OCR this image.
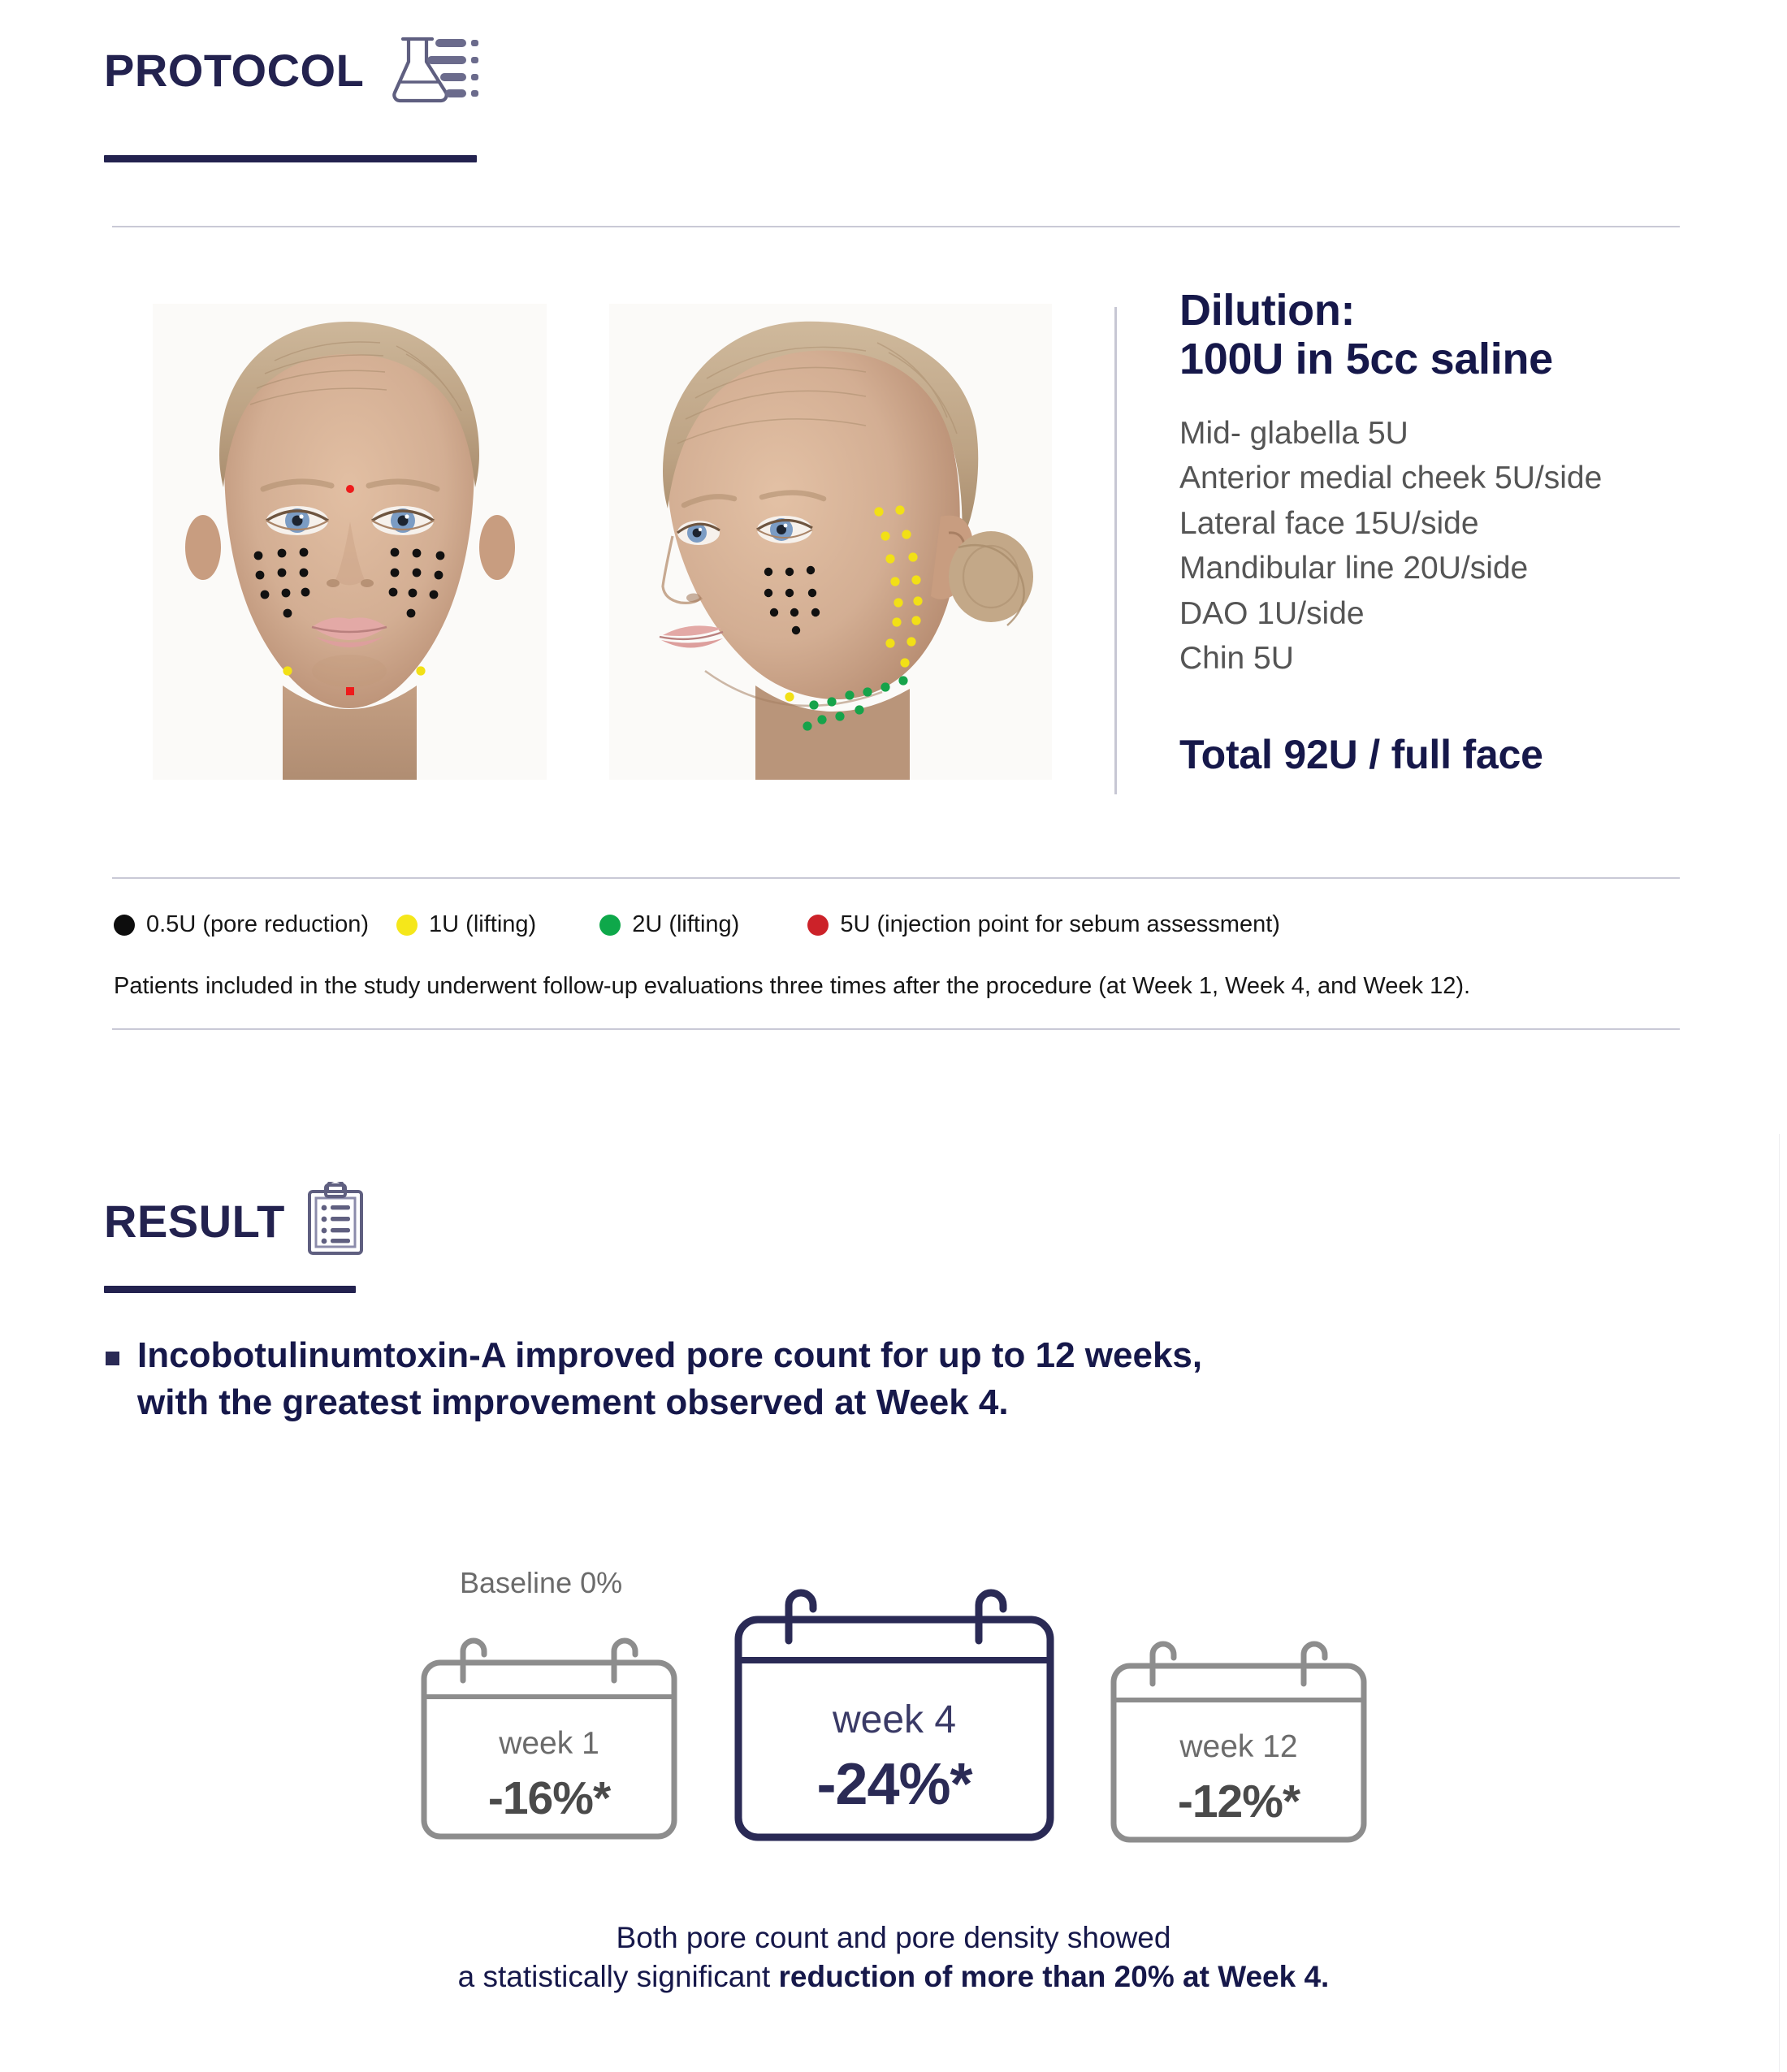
PROTOCOL
Dilution:
100U in 5cc saline
Mid- glabella 5U
Anterior medial cheek 5U/side
Lateral face 15U/side
Mandibular line 20U/side
DAO 1U/side
Chin 5U
Total 92U / full face
0.5U (pore reduction)	1U (lifting)	2U (lifting)	5U (injection point for sebum assessment)
Patients included in the study underwent follow-up evaluations three times after the procedure (at Week 1, Week 4, and Week 12).
RESULT
Incobotulinumtoxin-A improved pore count for up to 12 weeks,
with the greatest improvement observed at Week 4.
Baseline 0%
week 1
-16%*
week 4
-24%*
week 12
-12%*
Both pore count and pore density showed
a statistically significant reduction of more than 20% at Week 4.
